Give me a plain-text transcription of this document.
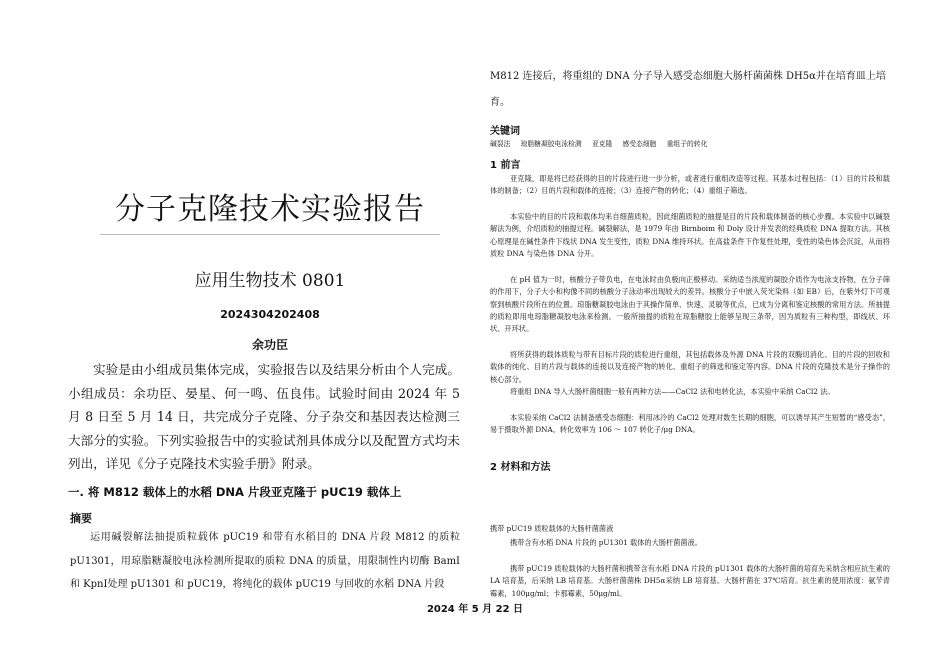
分子克隆技术实验报告
应用生物技术 0801
2024304202408
余功臣

实验是由小组成员集体完成，实验报告以及结果分析由个人完成。小组成员：余功臣、晏星、何一鸣、伍良伟。试验时间由 2024 年 5 月 8 日至 5 月 14 日，共完成分子克隆、分子杂交和基因表达检测三大部分的实验。下列实验报告中的实验试剂具体成分以及配置方式均未列出，详见《分子克隆技术实验手册》附录。

一. 将 M812 载体上的水稻 DNA 片段亚克隆于 pUC19 载体上
摘要

运用碱裂解法抽提质粒载体 pUC19 和带有水稻目的 DNA 片段 M812 的质粒 pU1301，用琼脂糖凝胶电泳检测所提取的质粒 DNA 的质量，用限制性内切酶 BamI和 KpnI处理 pU1301 和 pUC19，将纯化的载体 pUC19 与回收的水稻 DNA 片段

M812 连接后，将重组的 DNA 分子导入感受态细胞大肠杆菌菌株 DH5α并在培育皿上培育。

关键词
碱裂法 琼脂糖凝胶电泳检测 亚克隆 感受态细胞 重组子的转化
1 前言

亚克隆，即是将已经获得的目的片段进行进一步分析，或者进行重组改造等过程。其基本过程包括：（1）目的片段和载体的制备；（2）目的片段和载体的连接；（3）连接产物的转化；（4）重组子筛选。

本实验中的目的片段和载体均来自细菌质粒，因此细菌质粒的抽提是目的片段和载体制备的核心步骤。本实验中以碱裂解法为例，介绍质粒的抽提过程。碱裂解法，是 1979 年由 Birnboim 和 Doly 设计并发表的经典质粒 DNA 提取方法。其核心原理是在碱性条件下线状 DNA 发生变性，质粒 DNA 维持环状。在高盐条件下作复性处理，变性的染色体会沉淀，从而将质粒 DNA 与染色体 DNA 分开。

在 pH 值为一时，核酸分子带负电，在电泳时由负极向正极移动。采纳适当浓度的凝胶介质作为电泳支持物，在分子筛的作用下，分子大小和构像不同的核酸分子泳动率出现较大的差异。核酸分子中嵌入荧光染料（如 EB）后，在紫外灯下可观察到核酸片段所在的位置。琼脂糖凝胶电泳由于其操作简单、快速、灵敏等优点，已成为分离和鉴定核酸的常用方法。所抽提的质粒即用电琼脂糖凝胶电泳来检测。一般所抽提的质粒在琼脂糖胶上能够呈现三条带，因为质粒有三种构型，即线状、环状、开环状。

将所获得的载体质粒与带有目标片段的质粒进行重组，其包括载体及外源 DNA 片段的双酶切消化、目的片段的回收和载体的纯化、目的片段与载体的连接以及连接产物的转化、重组子的筛选和鉴定等内容。DNA 片段的克隆技术是分子操作的核心部分。

将重组 DNA 导入大肠杆菌细胞一般有两种方法——CaCl2 法和电转化法，本实验中采纳 CaCl2 法。

本实验采纳 CaCl2 法制备感受态细胞：利用冰冷的 CaCl2 处理对数生长期的细胞，可以诱导其产生短暂的“感受态”，易于摄取外源 DNA。转化效率为 106 ～ 107 转化子/μg DNA。

2 材料和方法

携带 pUC19 质粒载体的大肠杆菌菌液

携带含有水稻 DNA 片段的 pU1301 载体的大肠杆菌菌液。

携带 pUC19 质粒载体的大肠杆菌和携带含有水稻 DNA 片段的 pU1301 载体的大肠杆菌的培育先采纳含相应抗生素的 LA 培育基，后采纳 LB 培育基。大肠杆菌菌株 DH5α采纳 LB 培育基。大肠杆菌在 37℃培育。抗生素的使用浓度：氨苄青霉素，100μg/ml；卡那霉素，50μg/ml。

2024 年 5 月 22 日
